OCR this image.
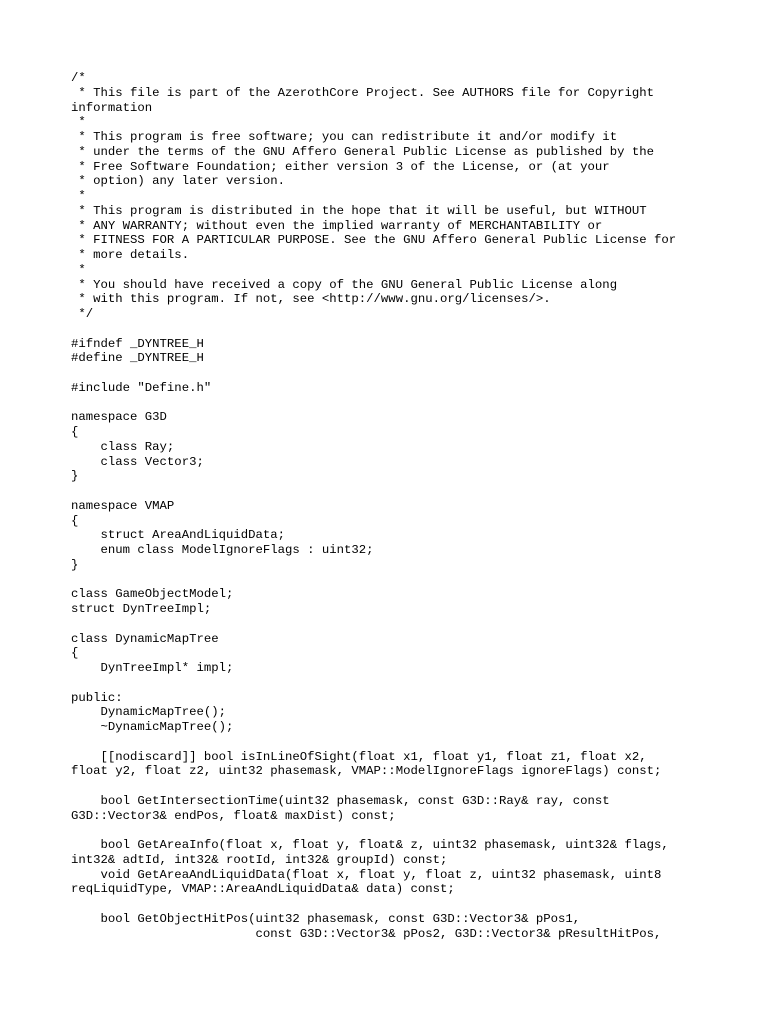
/*
* This file is part of the AzerothCore Project. See AUTHORS file for Copyright
information
*
* This program is free software; you can redistribute it and/or modify it
* under the terms of the GNU Affero General Public License as published by the
* Free Software Foundation; either version 3 of the License, or (at your
* option) any later version.
*
* This program is distributed in the hope that it will be useful, but WITHOUT
* ANY WARRANTY; without even the implied warranty of MERCHANTABILITY or
* FITNESS FOR A PARTICULAR PURPOSE. See the GNU Affero General Public License for
* more details.
*
* You should have received a copy of the GNU General Public License along
* with this program. If not, see <http://www.gnu.org/licenses/>.
*/
#ifndef _DYNTREE_H
#define _DYNTREE_H
#include "Define.h"
namespace G3D
{
class Ray;
class Vector3;
}
namespace VMAP
{
struct AreaAndLiquidData;
enum class ModelIgnoreFlags : uint32;
}
class GameObjectModel;
struct DynTreeImpl;
class DynamicMapTree
{
DynTreeImpl* impl;
public:
DynamicMapTree();
~DynamicMapTree();
[[nodiscard]] bool isInLineOfSight(float x1, float y1, float z1, float x2,
float y2, float z2, uint32 phasemask, VMAP::ModelIgnoreFlags ignoreFlags) const;
bool GetIntersectionTime(uint32 phasemask, const G3D::Ray& ray, const
G3D::Vector3& endPos, float& maxDist) const;
bool GetAreaInfo(float x, float y, float& z, uint32 phasemask, uint32& flags,
int32& adtId, int32& rootId, int32& groupId) const;
void GetAreaAndLiquidData(float x, float y, float z, uint32 phasemask, uint8
reqLiquidType, VMAP::AreaAndLiquidData& data) const;
bool GetObjectHitPos(uint32 phasemask, const G3D::Vector3& pPos1,
const G3D::Vector3& pPos2, G3D::Vector3& pResultHitPos,
